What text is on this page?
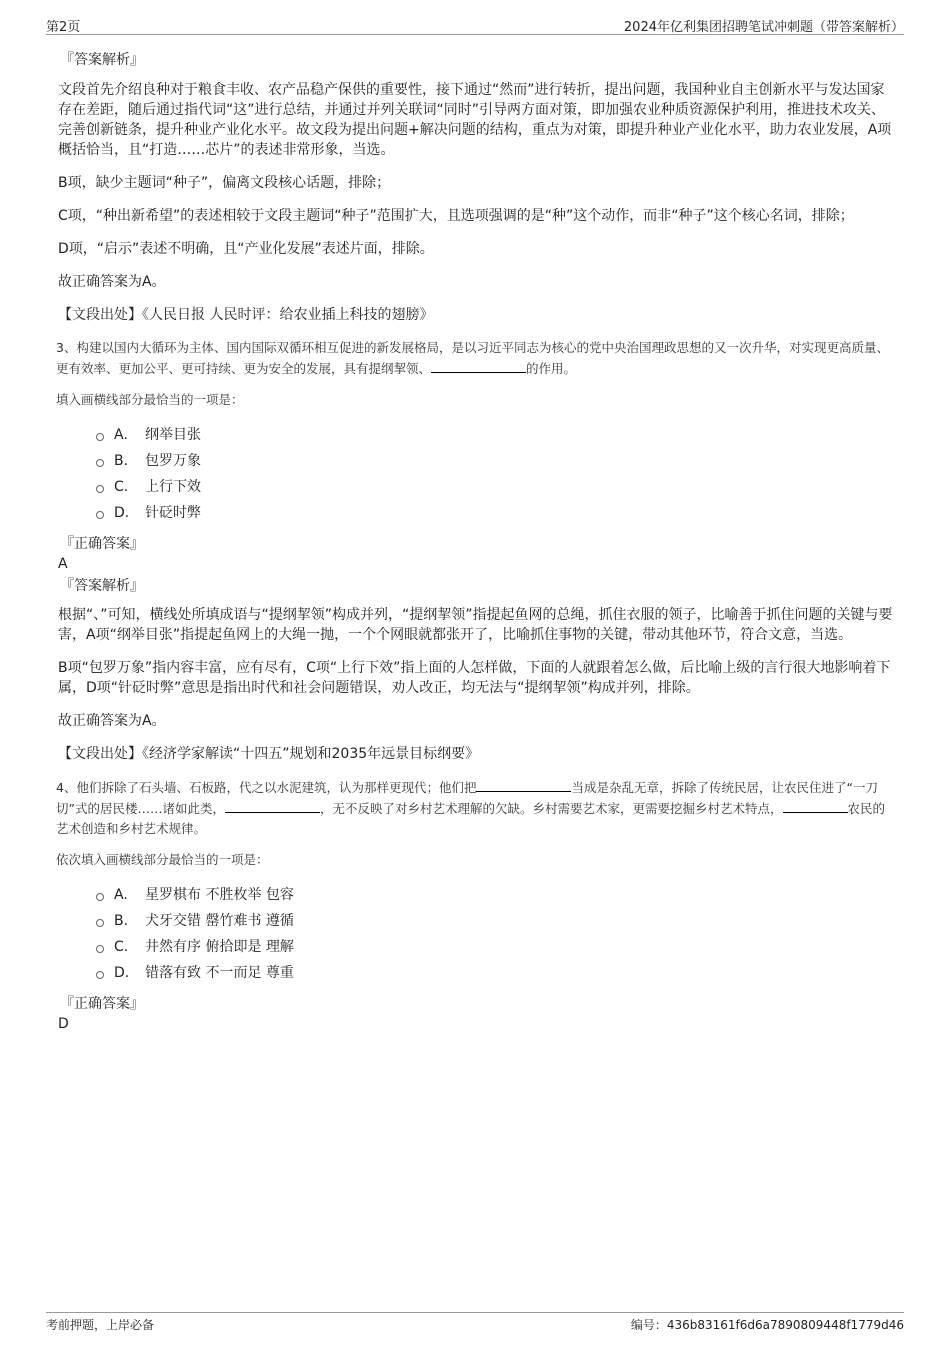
第2页	2024年亿利集团招聘笔试冲刺题（带答案解析）
『答案解析』

文段首先介绍良种对于粮食丰收、农产品稳产保供的重要性，接下通过“然而”进行转折，提出问题，我国种业自主创新水平与发达国家存在差距，随后通过指代词“这”进行总结，并通过并列关联词“同时”引导两方面对策，即加强农业种质资源保护利用，推进技术攻关、完善创新链条，提升种业产业化水平。故文段为提出问题+解决问题的结构，重点为对策，即提升种业产业化水平，助力农业发展，A项概括恰当，且“打造……芯片”的表述非常形象，当选。

B项，缺少主题词“种子”，偏离文段核心话题，排除；

C项，“种出新希望”的表述相较于文段主题词“种子”范围扩大，且选项强调的是“种”这个动作，而非“种子”这个核心名词，排除；

D项，“启示”表述不明确，且“产业化发展”表述片面，排除。

故正确答案为A。

【文段出处】《人民日报 人民时评：给农业插上科技的翅膀》

3、构建以国内大循环为主体、国内国际双循环相互促进的新发展格局，是以习近平同志为核心的党中央治国理政思想的又一次升华，对实现更高质量、更有效率、更加公平、更可持续、更为安全的发展，具有提纲挈领、	的作用。

填入画横线部分最恰当的一项是：

A.	纲举目张
B.	包罗万象
C.	上行下效
D.	针砭时弊
『正确答案』
A
『答案解析』

根据“、”可知，横线处所填成语与“提纲挈领”构成并列，“提纲挈领”指提起鱼网的总绳，抓住衣服的领子，比喻善于抓住问题的关键与要害，A项“纲举目张”指提起鱼网上的大绳一抛，一个个网眼就都张开了，比喻抓住事物的关键，带动其他环节，符合文意，当选。

B项“包罗万象”指内容丰富，应有尽有，C项“上行下效”指上面的人怎样做，下面的人就跟着怎么做，后比喻上级的言行很大地影响着下属，D项“针砭时弊”意思是指出时代和社会问题错误，劝人改正，均无法与“提纲挈领”构成并列，排除。

故正确答案为A。

【文段出处】《经济学家解读“十四五”规划和2035年远景目标纲要》

4、他们拆除了石头墙、石板路，代之以水泥建筑，认为那样更现代；他们把	当成是杂乱无章，拆除了传统民居，让农民住进了“一刀切”式的居民楼……诸如此类，	，无不反映了对乡村艺术理解的欠缺。乡村需要艺术家，更需要挖掘乡村艺术特点，	农民的艺术创造和乡村艺术规律。

依次填入画横线部分最恰当的一项是：

A.	星罗棋布 不胜枚举 包容
B.	犬牙交错 罄竹难书 遵循
C.	井然有序 俯拾即是 理解
D.	错落有致 不一而足 尊重
『正确答案』
D
考前押题，上岸必备	编号：436b83161f6d6a7890809448f1779d46
